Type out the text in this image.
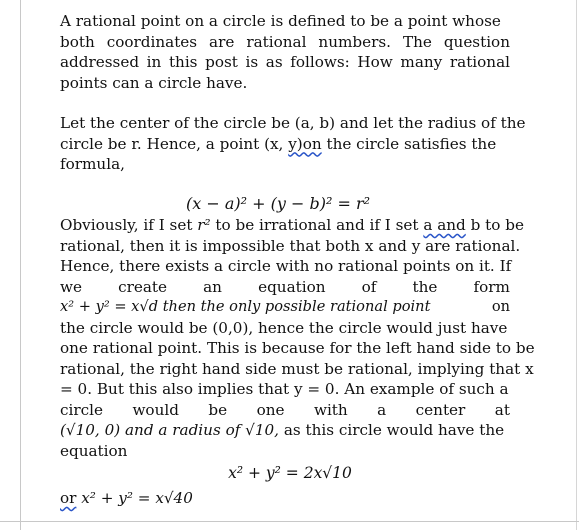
A rational point on a circle is defined to be a point whose
both coordinates are rational numbers. The question
addressed in this post is as follows: How many rational
points can a circle have.
Let the center of the circle be (a, b) and let the radius of the
circle be r. Hence, a point (x, y)on the circle satisfies the
formula,
(𝑥 − 𝑎)² + (𝑦 − 𝑏)² = 𝑟²
Obviously, if I set 𝑟² to be irrational and if I set a and b to be
rational, then it is impossible that both x and y are rational.
Hence, there exists a circle with no rational points on it. If
we create an equation of the form
𝑥² + 𝑦² = 𝑥√𝑑 𝑡ℎ𝑒𝑛 𝑡ℎ𝑒 𝑜𝑛𝑙𝑦 𝑝𝑜𝑠𝑠𝑖𝑏𝑙𝑒 𝑟𝑎𝑡𝑖𝑜𝑛𝑎𝑙 𝑝𝑜𝑖𝑛𝑡	on
the circle would be (0,0), hence the circle would just have
one rational point. This is because for the left hand side to be
rational, the right hand side must be rational, implying that x
= 0. But this also implies that y = 0. An example of such a
circle would be one with a center at
(√10, 0) 𝑎𝑛𝑑 𝑎 𝑟𝑎𝑑𝑖𝑢𝑠 𝑜𝑓 √10, as this circle would have the
equation
𝑥² + 𝑦² = 2𝑥√10
or 𝑥² + 𝑦² = 𝑥√40
